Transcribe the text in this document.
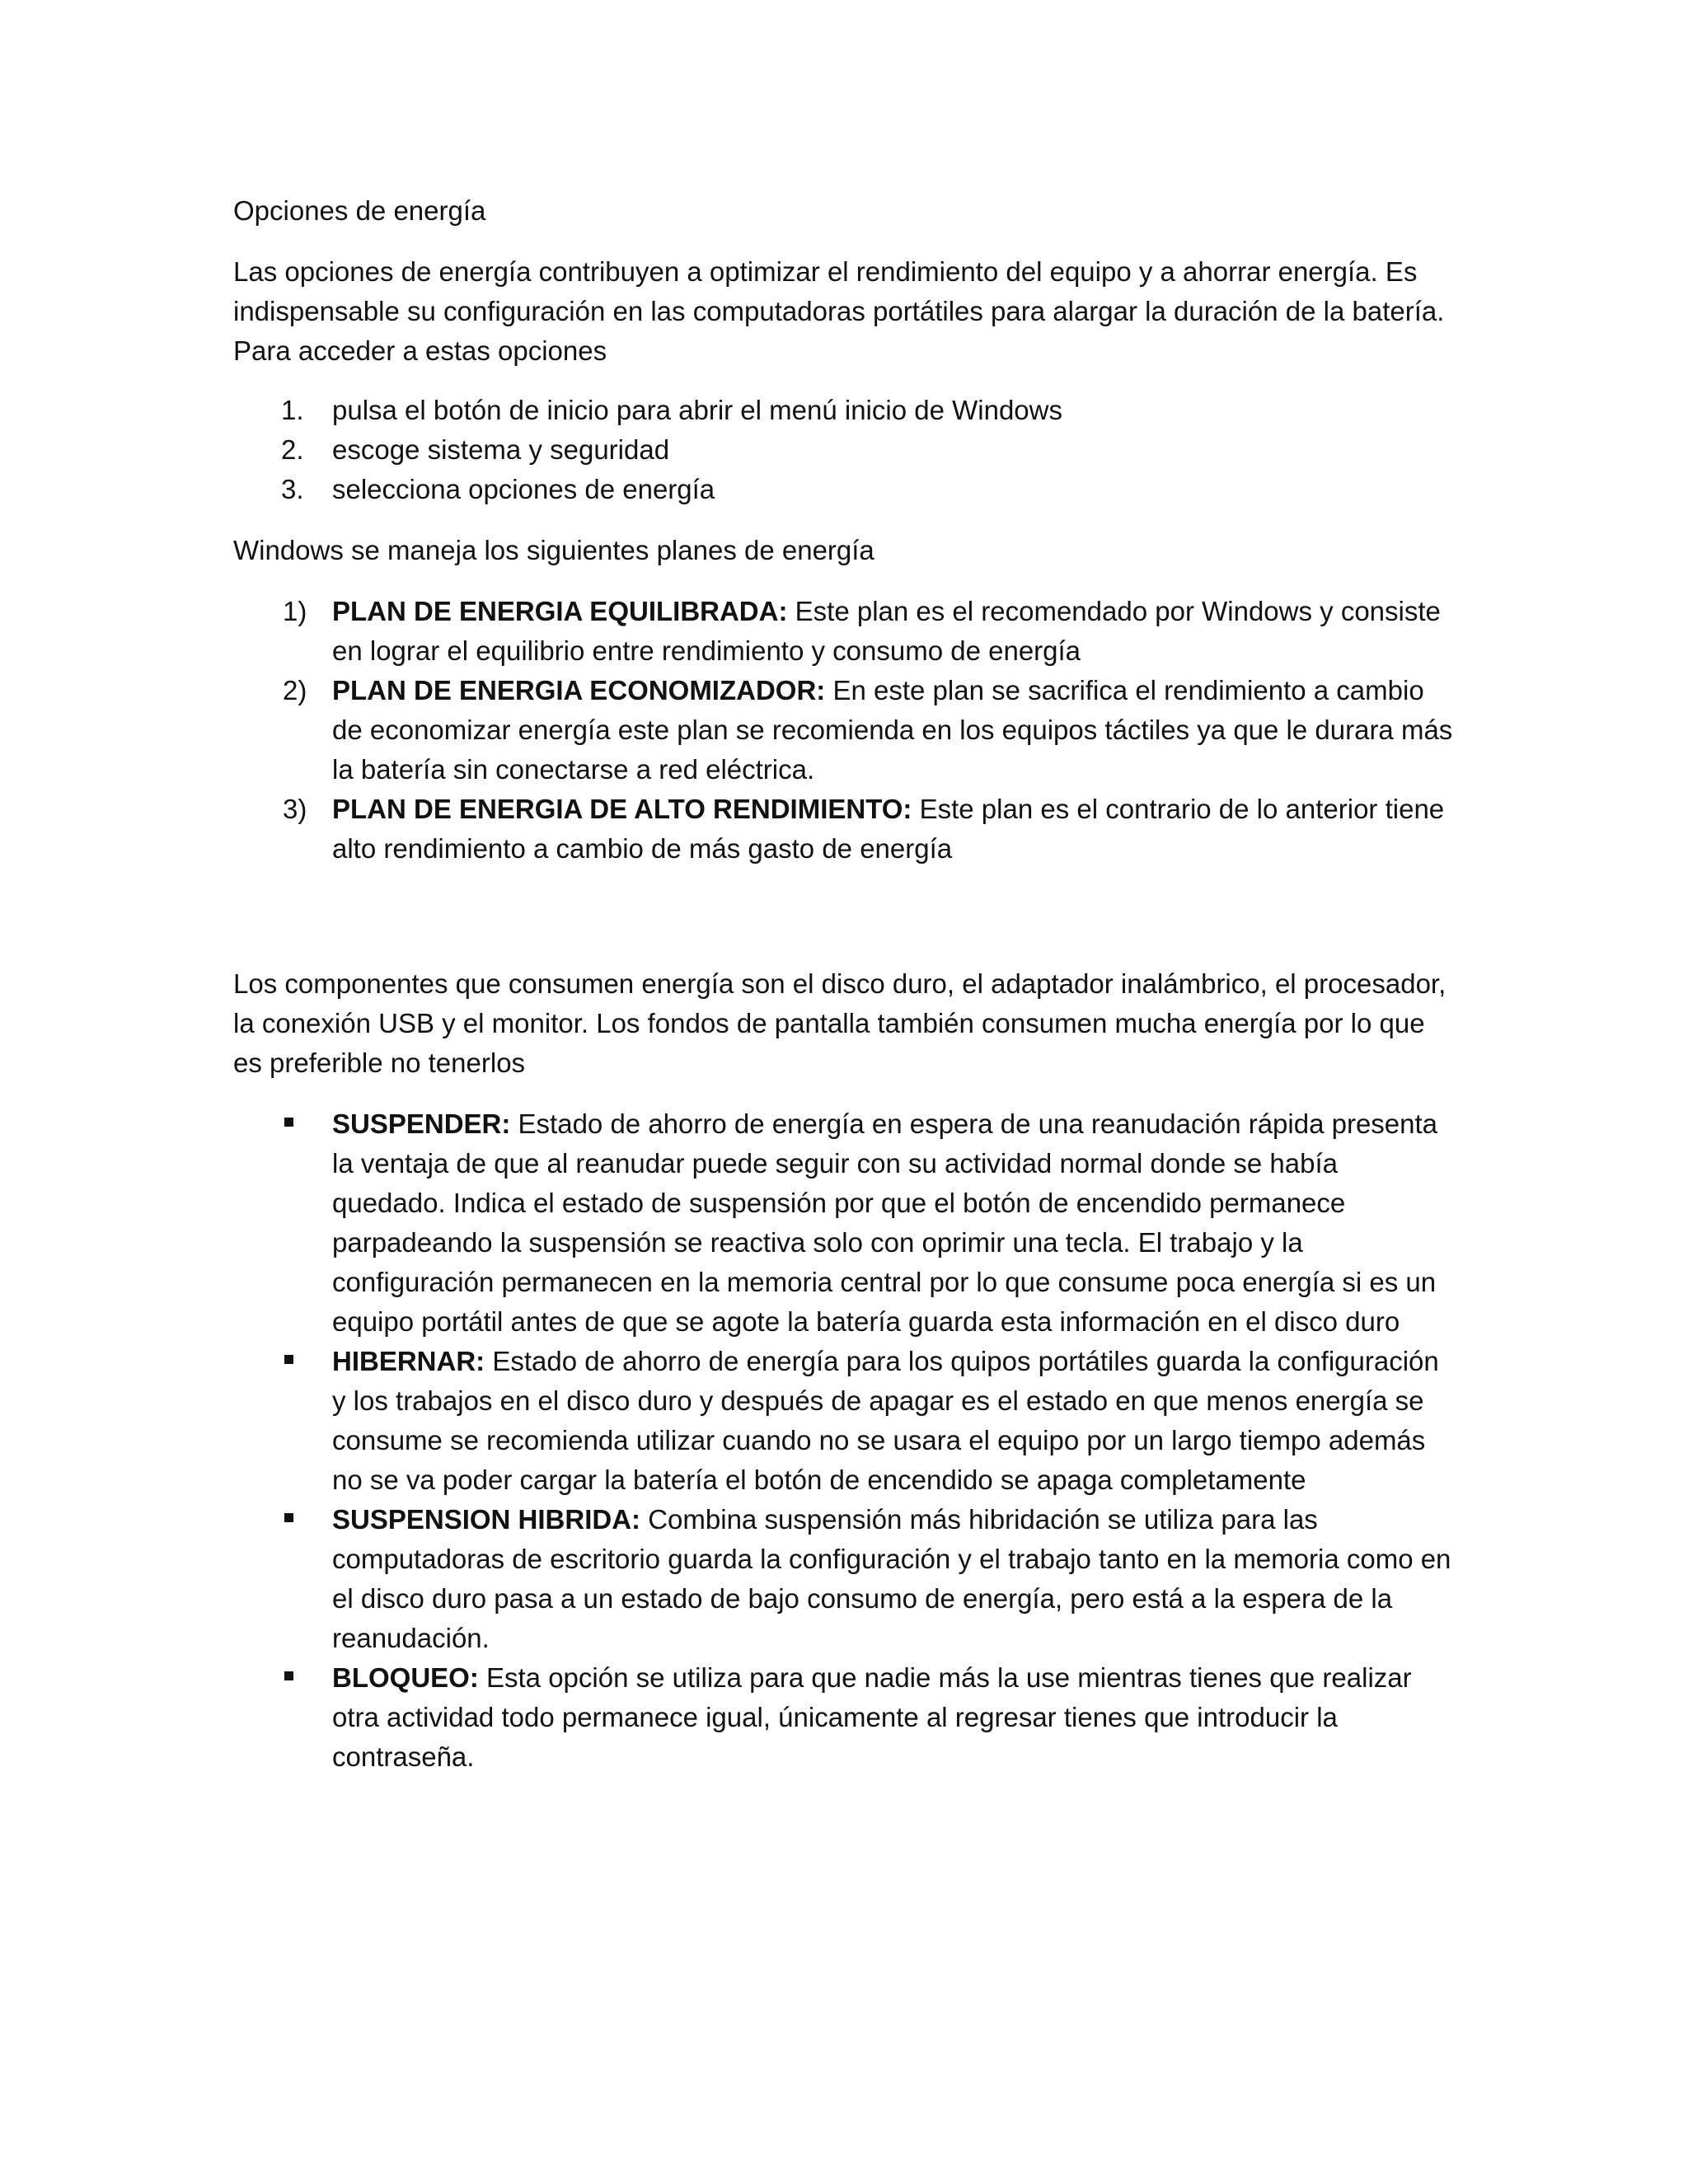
Opciones de energía

Las opciones de energía contribuyen a optimizar el rendimiento del equipo y a ahorrar energía. Es indispensable su configuración en las computadoras portátiles para alargar la duración de la batería. Para acceder a estas opciones

1. pulsa el botón de inicio para abrir el menú inicio de Windows
2. escoge sistema y seguridad
3. selecciona opciones de energía

Windows se maneja los siguientes planes de energía

1) PLAN DE ENERGIA EQUILIBRADA: Este plan es el recomendado por Windows y consiste en lograr el equilibrio entre rendimiento y consumo de energía
2) PLAN DE ENERGIA ECONOMIZADOR: En este plan se sacrifica el rendimiento a cambio de economizar energía este plan se recomienda en los equipos táctiles ya que le durara más la batería sin conectarse a red eléctrica.
3) PLAN DE ENERGIA DE ALTO RENDIMIENTO: Este plan es el contrario de lo anterior tiene alto rendimiento a cambio de más gasto de energía

Los componentes que consumen energía son el disco duro, el adaptador inalámbrico, el procesador, la conexión USB y el monitor. Los fondos de pantalla también consumen mucha energía por lo que es preferible no tenerlos

SUSPENDER: Estado de ahorro de energía en espera de una reanudación rápida presenta la ventaja de que al reanudar puede seguir con su actividad normal donde se había quedado. Indica el estado de suspensión por que el botón de encendido permanece parpadeando la suspensión se reactiva solo con oprimir una tecla. El trabajo y la configuración permanecen en la memoria central por lo que consume poca energía si es un equipo portátil antes de que se agote la batería guarda esta información en el disco duro
HIBERNAR: Estado de ahorro de energía para los quipos portátiles guarda la configuración y los trabajos en el disco duro y después de apagar es el estado en que menos energía se consume se recomienda utilizar cuando no se usara el equipo por un largo tiempo además no se va poder cargar la batería el botón de encendido se apaga completamente
SUSPENSION HIBRIDA: Combina suspensión más hibridación se utiliza para las computadoras de escritorio guarda la configuración y el trabajo tanto en la memoria como en el disco duro pasa a un estado de bajo consumo de energía, pero está a la espera de la reanudación.
BLOQUEO: Esta opción se utiliza para que nadie más la use mientras tienes que realizar otra actividad todo permanece igual, únicamente al regresar tienes que introducir la contraseña.
